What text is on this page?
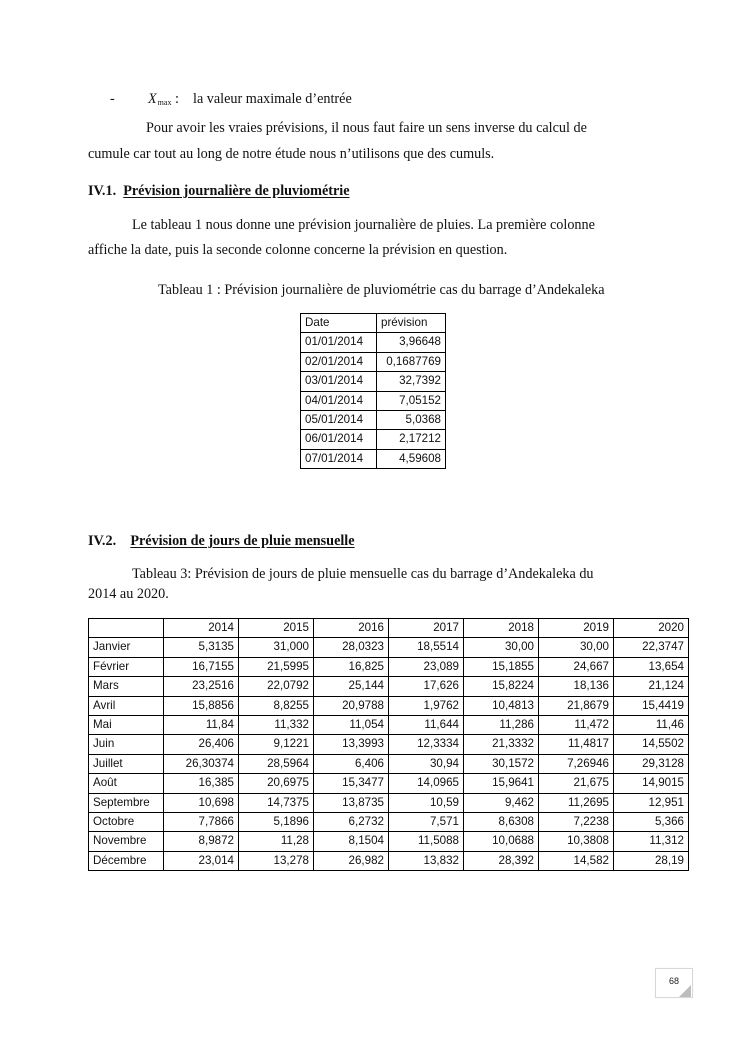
- $X_{max}$ : la valeur maximale d’entrée
Pour avoir les vraies prévisions, il nous faut faire un sens inverse du calcul de
cumule car tout au long de notre étude nous n’utilisons que des cumuls.
IV.1. Prévision journalière de pluviométrie
Le tableau 1 nous donne une prévision journalière de pluies. La première colonne
affiche la date, puis la seconde colonne concerne la prévision en question.
Tableau 1 : Prévision journalière de pluviométrie cas du barrage d’Andekaleka
Date	prévision
01/01/2014	3,96648
02/01/2014	0,1687769
03/01/2014	32,7392
04/01/2014	7,05152
05/01/2014	5,0368
06/01/2014	2,17212
07/01/2014	4,59608
IV.2. Prévision de jours de pluie mensuelle
Tableau 3: Prévision de jours de pluie mensuelle cas du barrage d’Andekaleka du
2014 au 2020.
	2014	2015	2016	2017	2018	2019	2020
Janvier	5,3135	31,000	28,0323	18,5514	30,00	30,00	22,3747
Février	16,7155	21,5995	16,825	23,089	15,1855	24,667	13,654
Mars	23,2516	22,0792	25,144	17,626	15,8224	18,136	21,124
Avril	15,8856	8,8255	20,9788	1,9762	10,4813	21,8679	15,4419
Mai	11,84	11,332	11,054	11,644	11,286	11,472	11,46
Juin	26,406	9,1221	13,3993	12,3334	21,3332	11,4817	14,5502
Juillet	26,30374	28,5964	6,406	30,94	30,1572	7,26946	29,3128
Août	16,385	20,6975	15,3477	14,0965	15,9641	21,675	14,9015
Septembre	10,698	14,7375	13,8735	10,59	9,462	11,2695	12,951
Octobre	7,7866	5,1896	6,2732	7,571	8,6308	7,2238	5,366
Novembre	8,9872	11,28	8,1504	11,5088	10,0688	10,3808	11,312
Décembre	23,014	13,278	26,982	13,832	28,392	14,582	28,19
68
